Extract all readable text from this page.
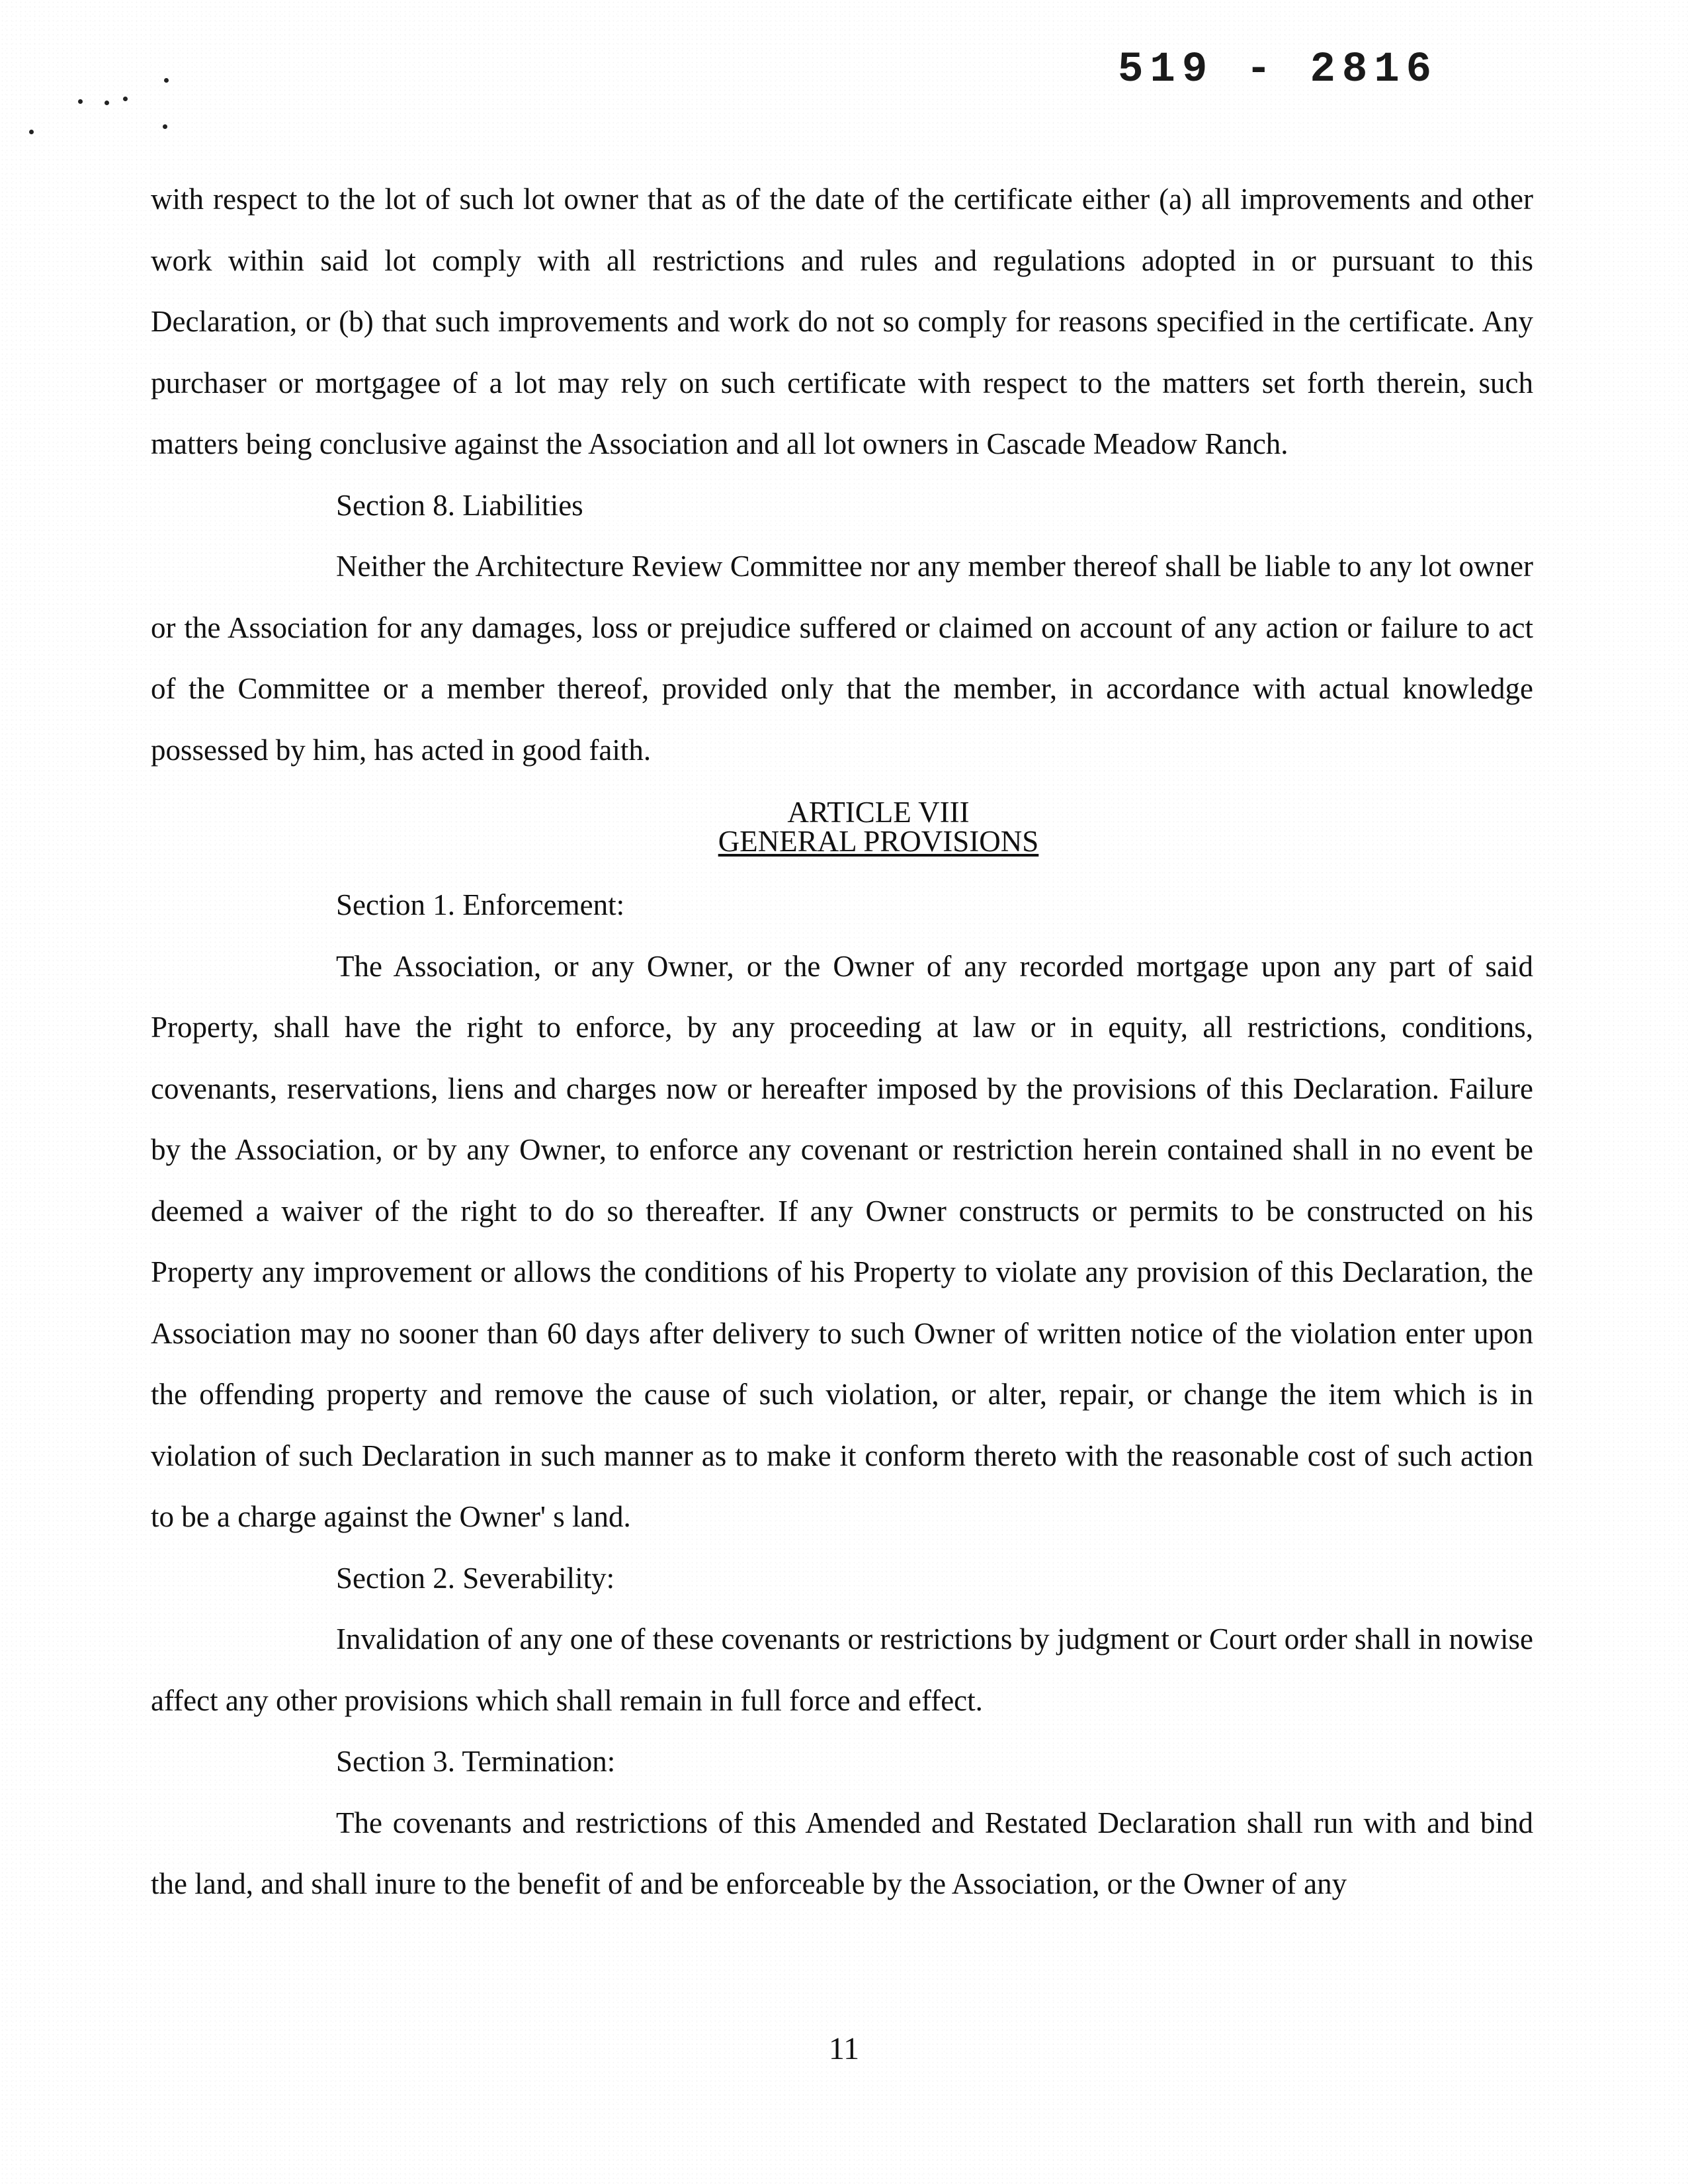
519 - 2816

with respect to the lot of such lot owner that as of the date of the certificate either (a) all improvements and other work within said lot comply with all restrictions and rules and regulations adopted in or pursuant to this Declaration, or (b) that such improvements and work do not so comply for reasons specified in the certificate. Any purchaser or mortgagee of a lot may rely on such certificate with respect to the matters set forth therein, such matters being conclusive against the Association and all lot owners in Cascade Meadow Ranch.

Section 8. Liabilities

Neither the Architecture Review Committee nor any member thereof shall be liable to any lot owner or the Association for any damages, loss or prejudice suffered or claimed on account of any action or failure to act of the Committee or a member thereof, provided only that the member, in accordance with actual knowledge possessed by him, has acted in good faith.

ARTICLE VIII
GENERAL PROVISIONS

Section 1. Enforcement:

The Association, or any Owner, or the Owner of any recorded mortgage upon any part of said Property, shall have the right to enforce, by any proceeding at law or in equity, all restrictions, conditions, covenants, reservations, liens and charges now or hereafter imposed by the provisions of this Declaration. Failure by the Association, or by any Owner, to enforce any covenant or restriction herein contained shall in no event be deemed a waiver of the right to do so thereafter. If any Owner constructs or permits to be constructed on his Property any improvement or allows the conditions of his Property to violate any provision of this Declaration, the Association may no sooner than 60 days after delivery to such Owner of written notice of the violation enter upon the offending property and remove the cause of such violation, or alter, repair, or change the item which is in violation of such Declaration in such manner as to make it conform thereto with the reasonable cost of such action to be a charge against the Owner' s land.

Section 2. Severability:

Invalidation of any one of these covenants or restrictions by judgment or Court order shall in nowise affect any other provisions which shall remain in full force and effect.

Section 3. Termination:

The covenants and restrictions of this Amended and Restated Declaration shall run with and bind the land, and shall inure to the benefit of and be enforceable by the Association, or the Owner of any

11
